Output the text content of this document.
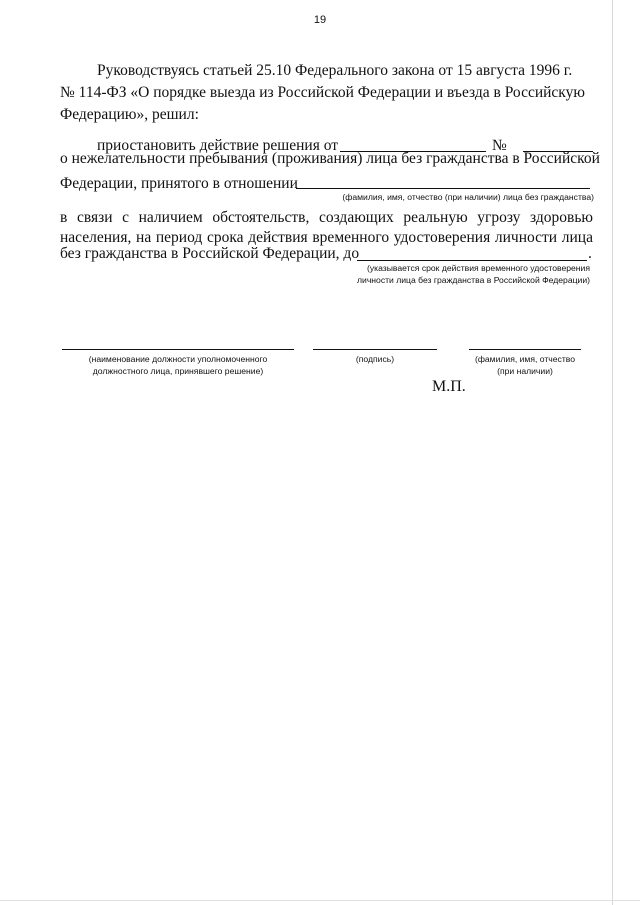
19
Руководствуясь статьей 25.10 Федерального закона от 15 августа 1996 г.
№ 114-ФЗ «О порядке выезда из Российской Федерации и въезда в Российскую
Федерацию», решил:
приостановить действие решения от	№
о нежелательности пребывания (проживания) лица без гражданства в Российской
Федерации, принятого в отношении
(фамилия, имя, отчество (при наличии) лица без гражданства)
в связи с наличием обстоятельств, создающих реальную угрозу здоровью
населения, на период срока действия временного удостоверения личности лица
без гражданства в Российской Федерации, до	.
(указывается срок действия временного удостоверения
личности лица без гражданства в Российской Федерации)
(наименование должности уполномоченного
должностного лица, принявшего решение)
(подпись)	(фамилия, имя, отчество
(при наличии)
М.П.
